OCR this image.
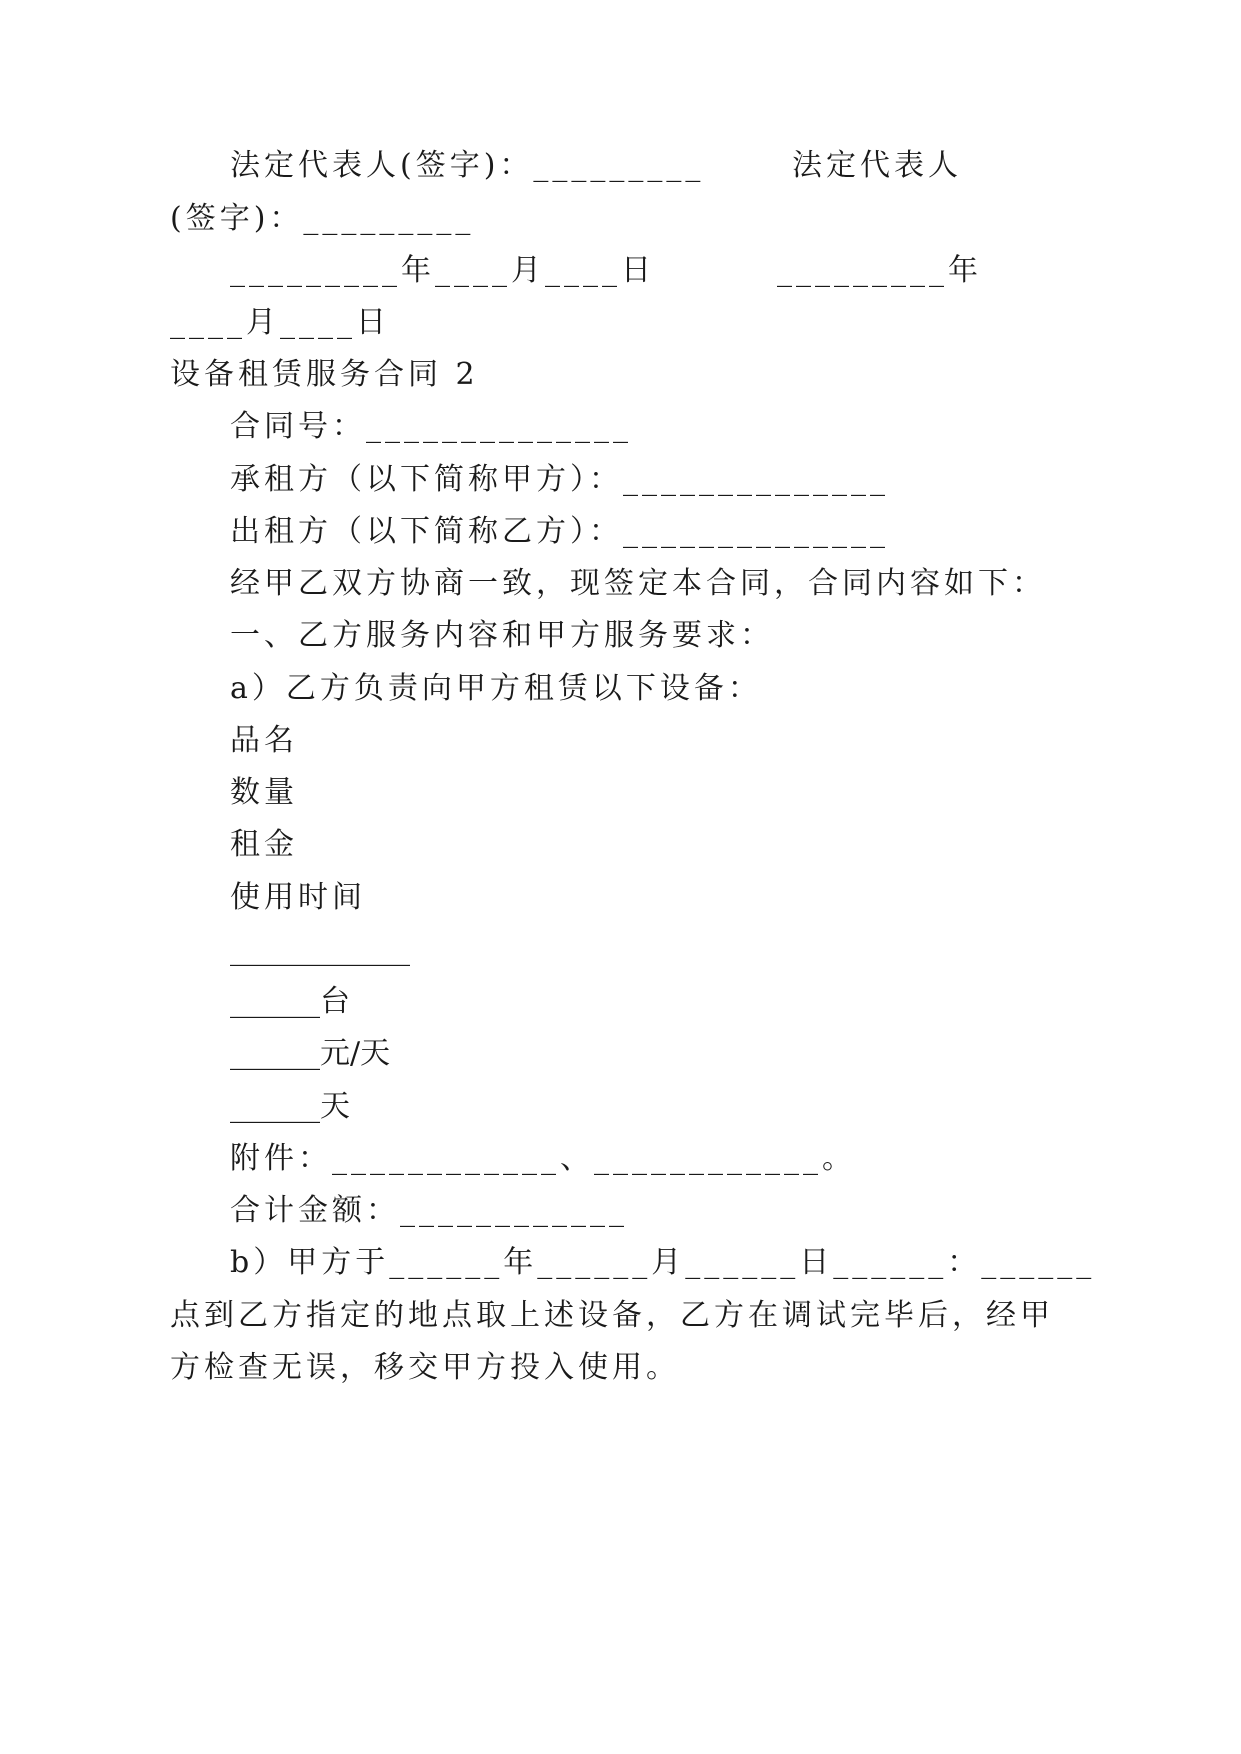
法定代表人(签字)：_________	法定代表人

(签字)：_________

_________年____月____日	_________年

____月____日

设备租赁服务合同 2

合同号：______________

承租方（以下简称甲方）：______________

出租方（以下简称乙方）：______________

经甲乙双方协商一致，现签定本合同，合同内容如下：

一、乙方服务内容和甲方服务要求：

a）乙方负责向甲方租赁以下设备：

品名

数量

租金

使用时间

____________

______台

______元/天

______天

附件：____________、____________。

合计金额：____________

b）甲方于______年______月______日______：______

点到乙方指定的地点取上述设备，乙方在调试完毕后，经甲

方检查无误，移交甲方投入使用。
